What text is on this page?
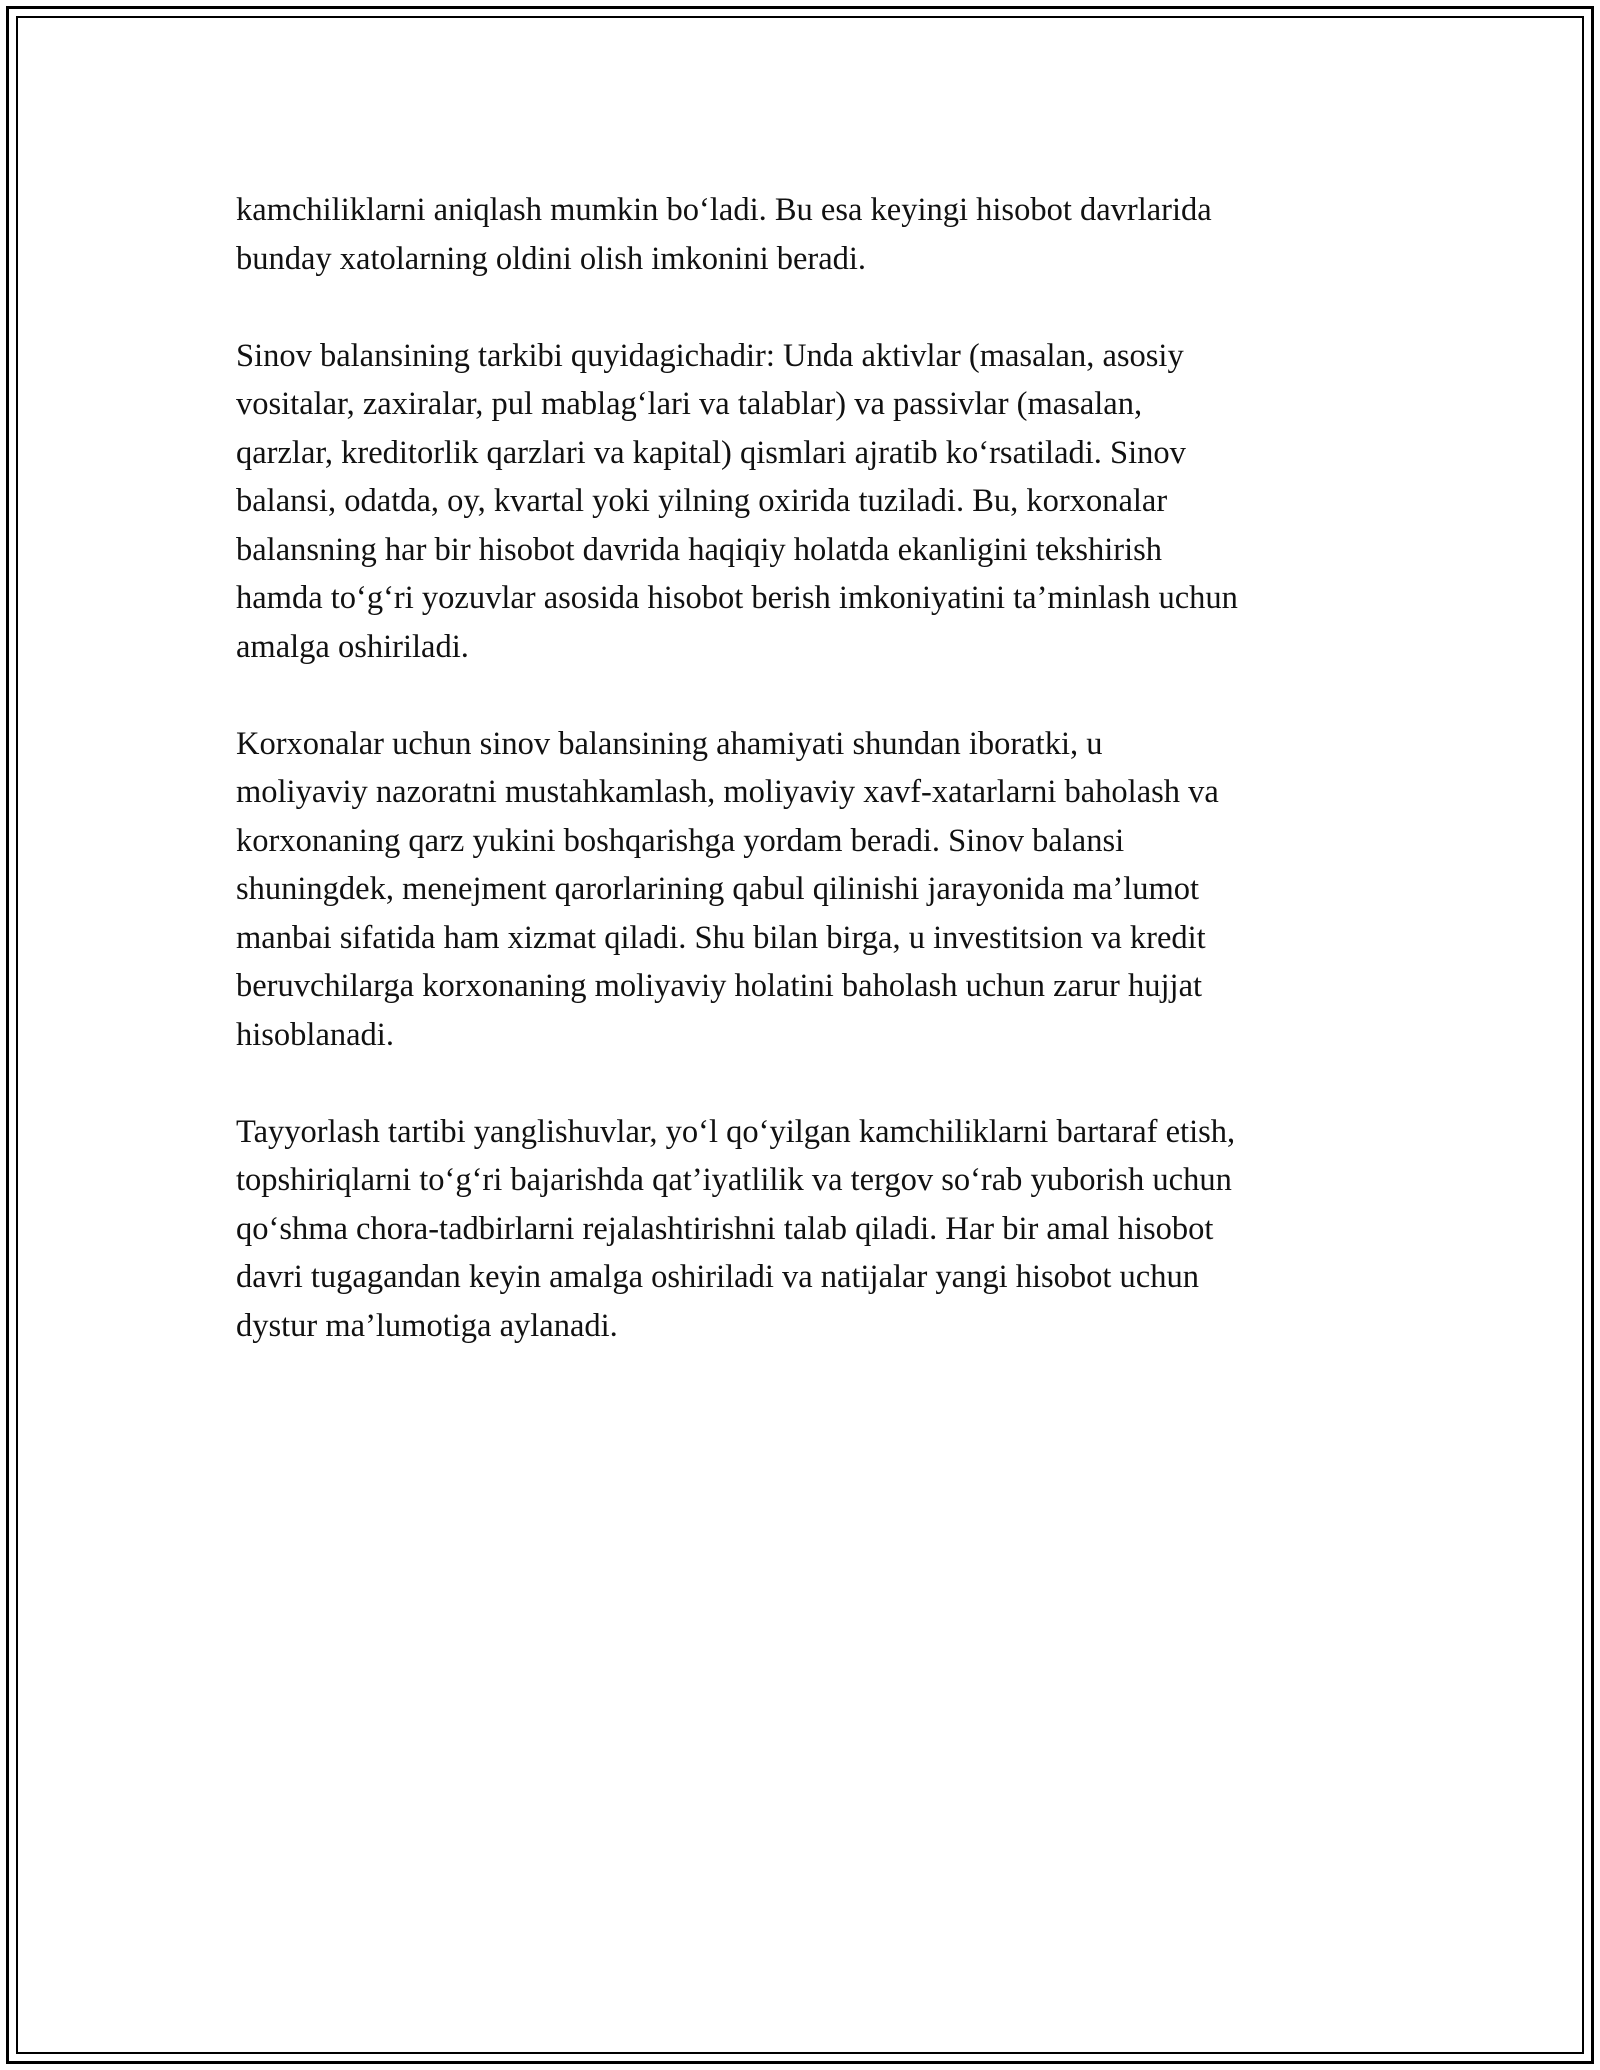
kamchiliklarni aniqlash mumkin bo‘ladi. Bu esa keyingi hisobot davrlarida
bunday xatolarning oldini olish imkonini beradi.

Sinov balansining tarkibi quyidagichadir: Unda aktivlar (masalan, asosiy
vositalar, zaxiralar, pul mablag‘lari va talablar) va passivlar (masalan,
qarzlar, kreditorlik qarzlari va kapital) qismlari ajratib ko‘rsatiladi. Sinov
balansi, odatda, oy, kvartal yoki yilning oxirida tuziladi. Bu, korxonalar
balansning har bir hisobot davrida haqiqiy holatda ekanligini tekshirish
hamda to‘g‘ri yozuvlar asosida hisobot berish imkoniyatini ta’minlash uchun
amalga oshiriladi.

Korxonalar uchun sinov balansining ahamiyati shundan iboratki, u
moliyaviy nazoratni mustahkamlash, moliyaviy xavf-xatarlarni baholash va
korxonaning qarz yukini boshqarishga yordam beradi. Sinov balansi
shuningdek, menejment qarorlarining qabul qilinishi jarayonida ma’lumot
manbai sifatida ham xizmat qiladi. Shu bilan birga, u investitsion va kredit
beruvchilarga korxonaning moliyaviy holatini baholash uchun zarur hujjat
hisoblanadi.

Tayyorlash tartibi yanglishuvlar, yo‘l qo‘yilgan kamchiliklarni bartaraf etish,
topshiriqlarni to‘g‘ri bajarishda qat’iyatlilik va tergov so‘rab yuborish uchun
qo‘shma chora-tadbirlarni rejalashtirishni talab qiladi. Har bir amal hisobot
davri tugagandan keyin amalga oshiriladi va natijalar yangi hisobot uchun
dystur ma’lumotiga aylanadi.
